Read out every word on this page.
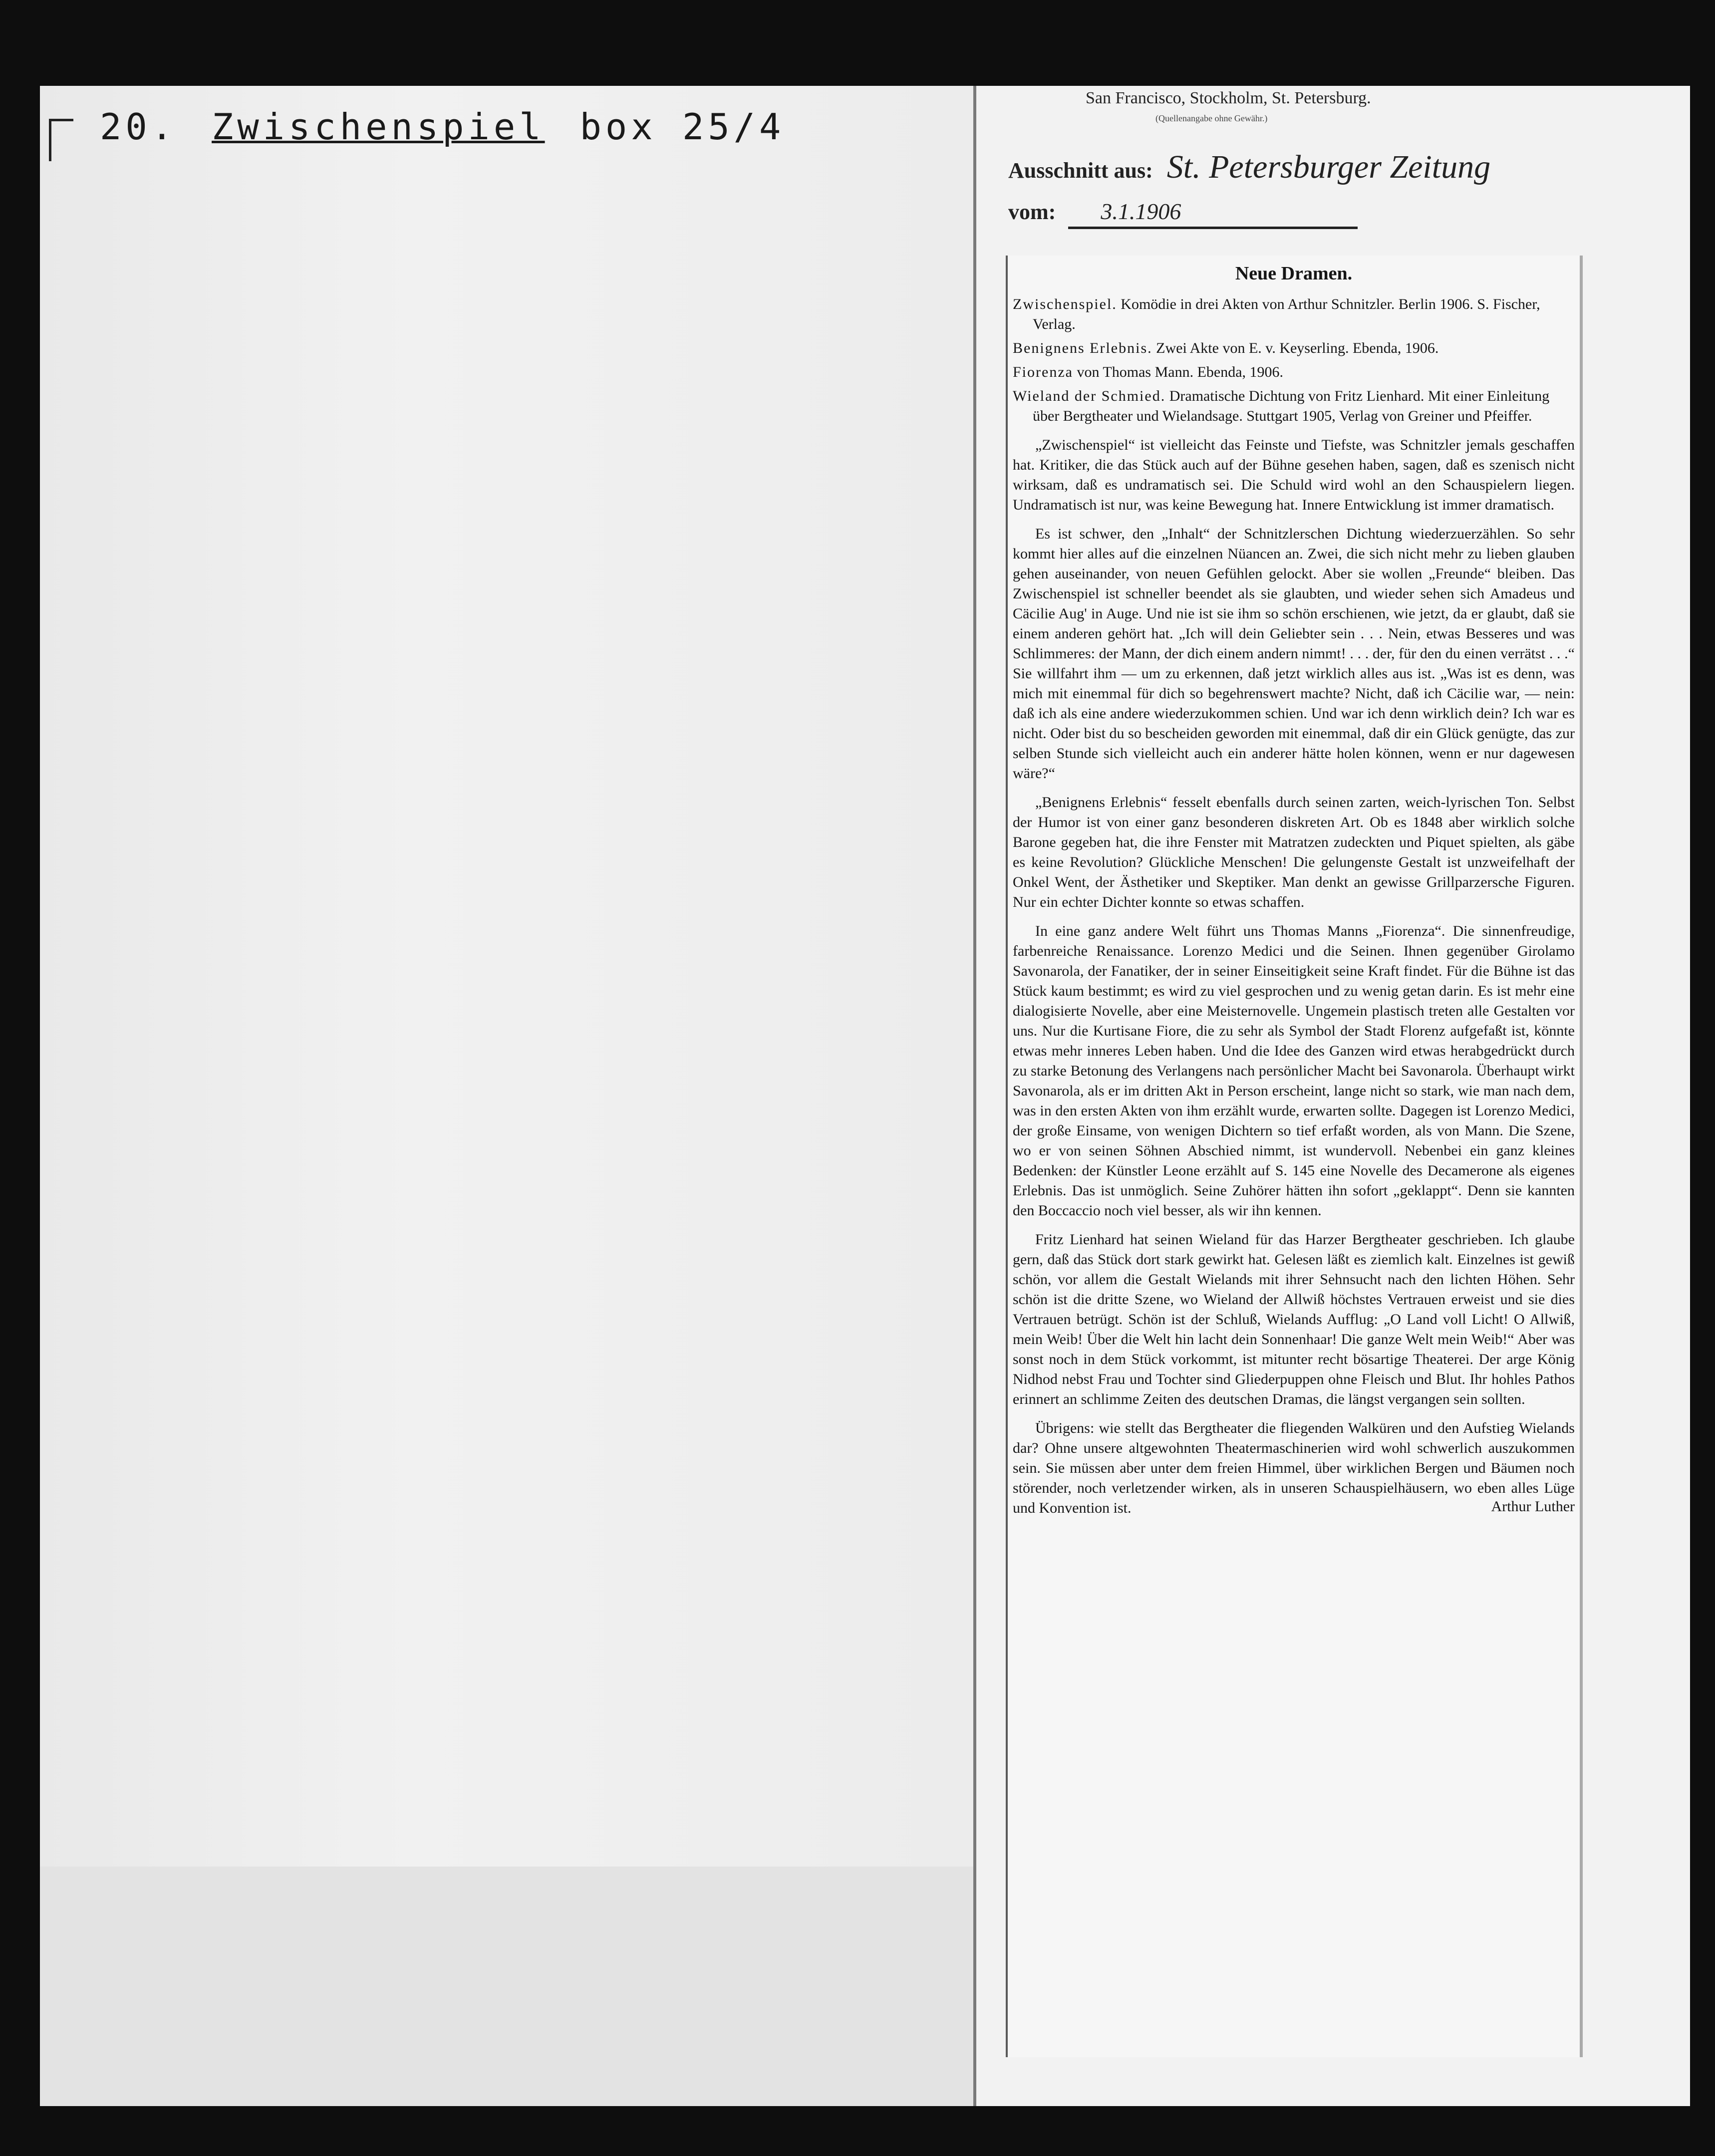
20. Zwischenspiel box 25/4
San Francisco, Stockholm, St. Petersburg.
(Quellenangabe ohne Gewähr.)
Ausschnitt aus: St. Petersburger Zeitung
vom: 3.1.1906
Neue Dramen.

Zwischenspiel. Komödie in drei Akten von Arthur Schnitzler. Berlin 1906. S. Fischer, Verlag.

Benignens Erlebnis. Zwei Akte von E. v. Keyserling. Ebenda, 1906.

Fiorenza von Thomas Mann. Ebenda, 1906.

Wieland der Schmied. Dramatische Dichtung von Fritz Lienhard. Mit einer Einleitung über Bergtheater und Wielandsage. Stuttgart 1905, Verlag von Greiner und Pfeiffer.

„Zwischenspiel“ ist vielleicht das Feinste und Tiefste, was Schnitzler jemals geschaffen hat. Kritiker, die das Stück auch auf der Bühne gesehen haben, sagen, daß es szenisch nicht wirksam, daß es undramatisch sei. Die Schuld wird wohl an den Schauspielern liegen. Undramatisch ist nur, was keine Bewegung hat. Innere Entwicklung ist immer dramatisch.

Es ist schwer, den „Inhalt“ der Schnitzlerschen Dichtung wiederzuerzählen. So sehr kommt hier alles auf die einzelnen Nüancen an. Zwei, die sich nicht mehr zu lieben glauben gehen auseinander, von neuen Gefühlen gelockt. Aber sie wollen „Freunde“ bleiben. Das Zwischenspiel ist schneller beendet als sie glaubten, und wieder sehen sich Amadeus und Cäcilie Aug' in Auge. Und nie ist sie ihm so schön erschienen, wie jetzt, da er glaubt, daß sie einem anderen gehört hat. „Ich will dein Geliebter sein . . . Nein, etwas Besseres und was Schlimmeres: der Mann, der dich einem andern nimmt! . . . der, für den du einen verrätst . . .“ Sie willfahrt ihm — um zu erkennen, daß jetzt wirklich alles aus ist. „Was ist es denn, was mich mit einemmal für dich so begehrenswert machte? Nicht, daß ich Cäcilie war, — nein: daß ich als eine andere wiederzukommen schien. Und war ich denn wirklich dein? Ich war es nicht. Oder bist du so bescheiden geworden mit einemmal, daß dir ein Glück genügte, das zur selben Stunde sich vielleicht auch ein anderer hätte holen können, wenn er nur dagewesen wäre?“

„Benignens Erlebnis“ fesselt ebenfalls durch seinen zarten, weich-lyrischen Ton. Selbst der Humor ist von einer ganz besonderen diskreten Art. Ob es 1848 aber wirklich solche Barone gegeben hat, die ihre Fenster mit Matratzen zudeckten und Piquet spielten, als gäbe es keine Revolution? Glückliche Menschen! Die gelungenste Gestalt ist unzweifelhaft der Onkel Went, der Ästhetiker und Skeptiker. Man denkt an gewisse Grillparzersche Figuren. Nur ein echter Dichter konnte so etwas schaffen.

In eine ganz andere Welt führt uns Thomas Manns „Fiorenza“. Die sinnenfreudige, farbenreiche Renaissance. Lorenzo Medici und die Seinen. Ihnen gegenüber Girolamo Savonarola, der Fanatiker, der in seiner Einseitigkeit seine Kraft findet. Für die Bühne ist das Stück kaum bestimmt; es wird zu viel gesprochen und zu wenig getan darin. Es ist mehr eine dialogisierte Novelle, aber eine Meisternovelle. Ungemein plastisch treten alle Gestalten vor uns. Nur die Kurtisane Fiore, die zu sehr als Symbol der Stadt Florenz aufgefaßt ist, könnte etwas mehr inneres Leben haben. Und die Idee des Ganzen wird etwas herabgedrückt durch zu starke Betonung des Verlangens nach persönlicher Macht bei Savonarola. Überhaupt wirkt Savonarola, als er im dritten Akt in Person erscheint, lange nicht so stark, wie man nach dem, was in den ersten Akten von ihm erzählt wurde, erwarten sollte. Dagegen ist Lorenzo Medici, der große Einsame, von wenigen Dichtern so tief erfaßt worden, als von Mann. Die Szene, wo er von seinen Söhnen Abschied nimmt, ist wundervoll. Nebenbei ein ganz kleines Bedenken: der Künstler Leone erzählt auf S. 145 eine Novelle des Decamerone als eigenes Erlebnis. Das ist unmöglich. Seine Zuhörer hätten ihn sofort „geklappt“. Denn sie kannten den Boccaccio noch viel besser, als wir ihn kennen.

Fritz Lienhard hat seinen Wieland für das Harzer Bergtheater geschrieben. Ich glaube gern, daß das Stück dort stark gewirkt hat. Gelesen läßt es ziemlich kalt. Einzelnes ist gewiß schön, vor allem die Gestalt Wielands mit ihrer Sehnsucht nach den lichten Höhen. Sehr schön ist die dritte Szene, wo Wieland der Allwiß höchstes Vertrauen erweist und sie dies Vertrauen betrügt. Schön ist der Schluß, Wielands Aufflug: „O Land voll Licht! O Allwiß, mein Weib! Über die Welt hin lacht dein Sonnenhaar! Die ganze Welt mein Weib!“ Aber was sonst noch in dem Stück vorkommt, ist mitunter recht bösartige Theaterei. Der arge König Nidhod nebst Frau und Tochter sind Gliederpuppen ohne Fleisch und Blut. Ihr hohles Pathos erinnert an schlimme Zeiten des deutschen Dramas, die längst vergangen sein sollten.

Übrigens: wie stellt das Bergtheater die fliegenden Walküren und den Aufstieg Wielands dar? Ohne unsere altgewohnten Theatermaschinerien wird wohl schwerlich auszukommen sein. Sie müssen aber unter dem freien Himmel, über wirklichen Bergen und Bäumen noch störender, noch verletzender wirken, als in unseren Schauspielhäusern, wo eben alles Lüge und Konvention ist.	Arthur Luther
